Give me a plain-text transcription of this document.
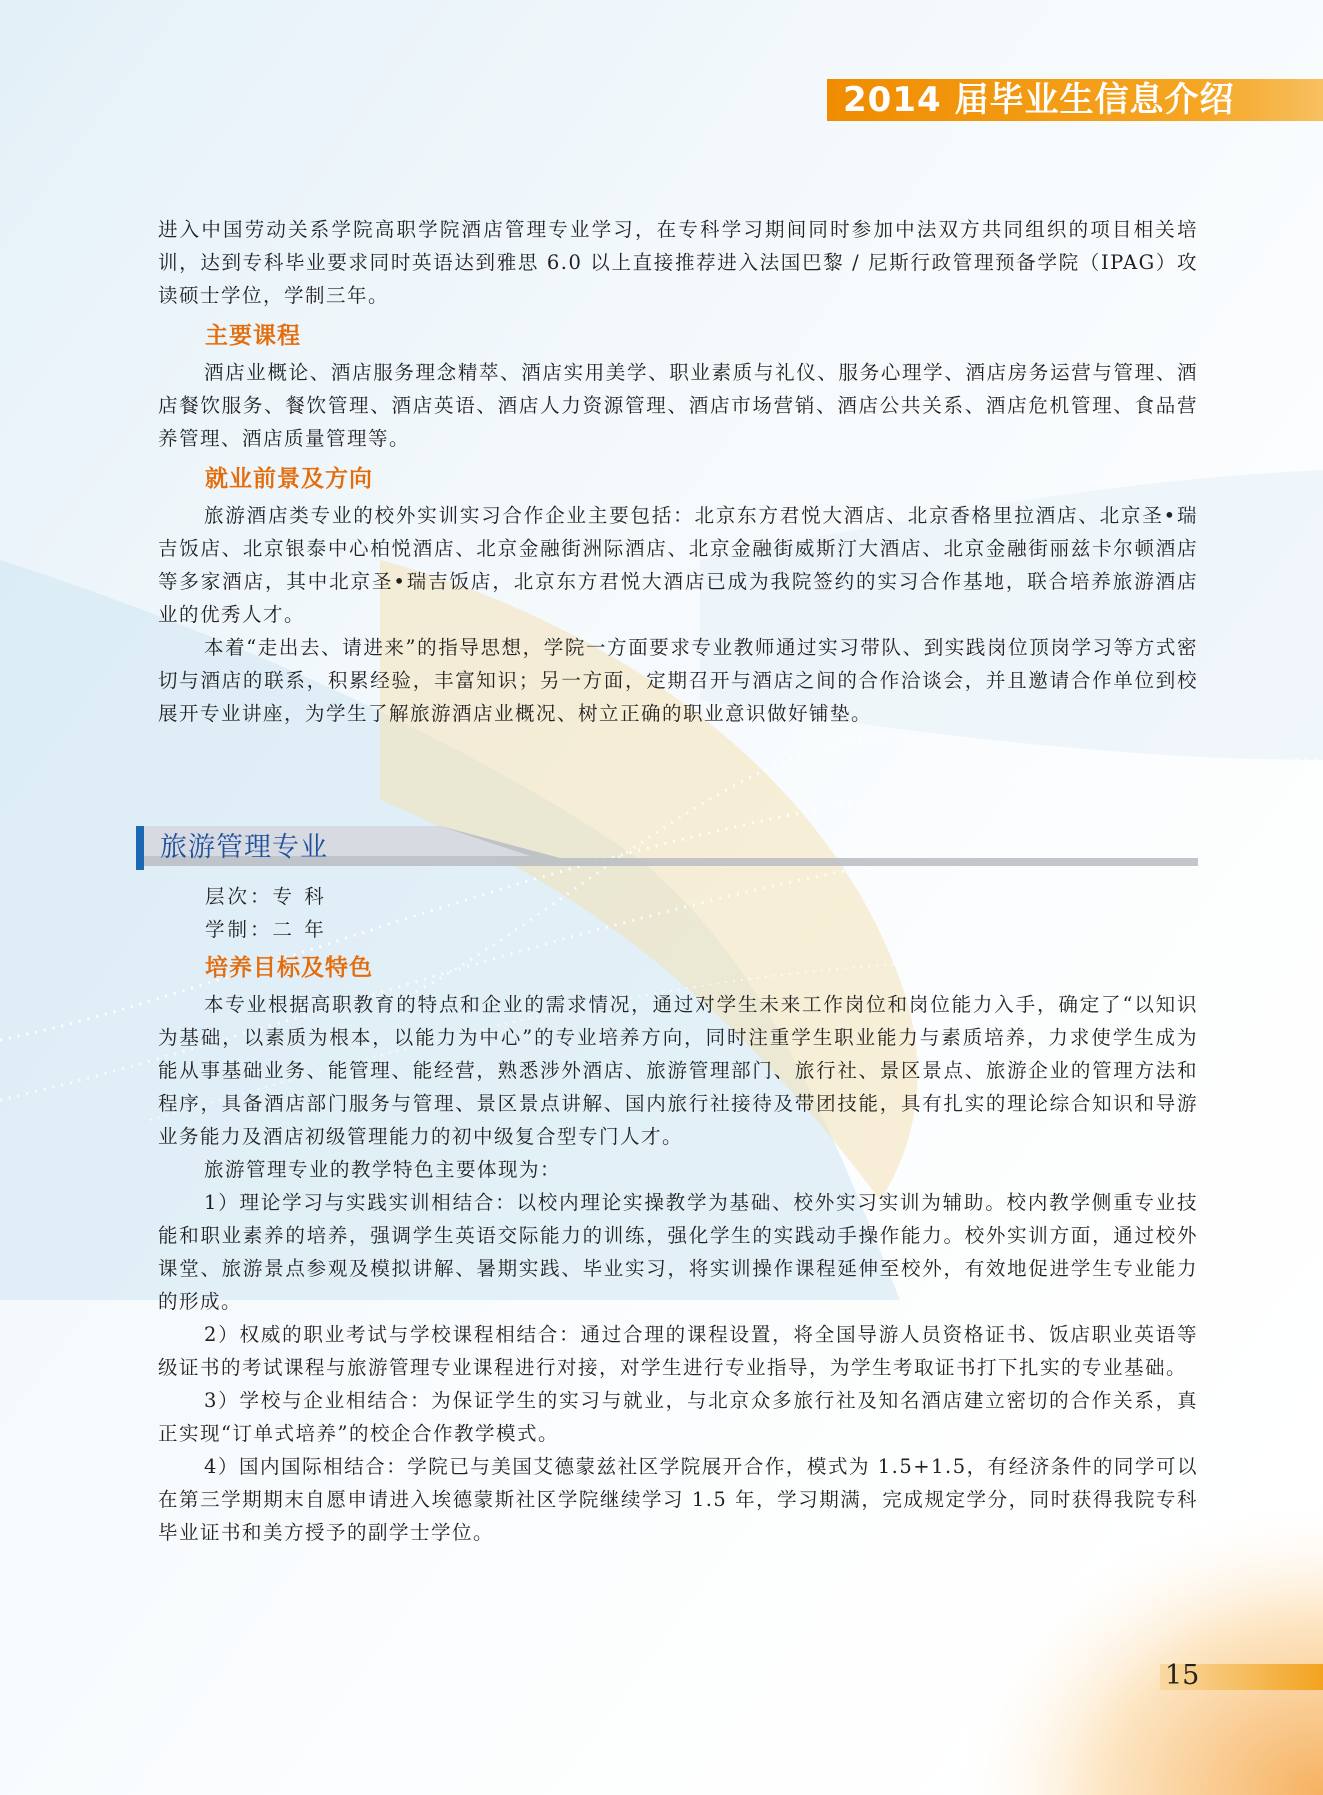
2014 届毕业生信息介绍

进入中国劳动关系学院高职学院酒店管理专业学习，在专科学习期间同时参加中法双方共同组织的项目相关培训，达到专科毕业要求同时英语达到雅思 6.0 以上直接推荐进入法国巴黎 / 尼斯行政管理预备学院（IPAG）攻读硕士学位，学制三年。

主要课程

酒店业概论、酒店服务理念精萃、酒店实用美学、职业素质与礼仪、服务心理学、酒店房务运营与管理、酒店餐饮服务、餐饮管理、酒店英语、酒店人力资源管理、酒店市场营销、酒店公共关系、酒店危机管理、食品营养管理、酒店质量管理等。

就业前景及方向

旅游酒店类专业的校外实训实习合作企业主要包括：北京东方君悦大酒店、北京香格里拉酒店、北京圣•瑞吉饭店、北京银泰中心柏悦酒店、北京金融街洲际酒店、北京金融街威斯汀大酒店、北京金融街丽兹卡尔顿酒店等多家酒店，其中北京圣•瑞吉饭店，北京东方君悦大酒店已成为我院签约的实习合作基地，联合培养旅游酒店业的优秀人才。

本着“走出去、请进来”的指导思想，学院一方面要求专业教师通过实习带队、到实践岗位顶岗学习等方式密切与酒店的联系，积累经验，丰富知识；另一方面，定期召开与酒店之间的合作洽谈会，并且邀请合作单位到校展开专业讲座，为学生了解旅游酒店业概况、树立正确的职业意识做好铺垫。

旅游管理专业

层次：专 科

学制：二 年

培养目标及特色

本专业根据高职教育的特点和企业的需求情况，通过对学生未来工作岗位和岗位能力入手，确定了“以知识为基础，以素质为根本，以能力为中心”的专业培养方向，同时注重学生职业能力与素质培养，力求使学生成为能从事基础业务、能管理、能经营，熟悉涉外酒店、旅游管理部门、旅行社、景区景点、旅游企业的管理方法和程序，具备酒店部门服务与管理、景区景点讲解、国内旅行社接待及带团技能，具有扎实的理论综合知识和导游业务能力及酒店初级管理能力的初中级复合型专门人才。

旅游管理专业的教学特色主要体现为：

1）理论学习与实践实训相结合：以校内理论实操教学为基础、校外实习实训为辅助。校内教学侧重专业技能和职业素养的培养，强调学生英语交际能力的训练，强化学生的实践动手操作能力。校外实训方面，通过校外课堂、旅游景点参观及模拟讲解、暑期实践、毕业实习，将实训操作课程延伸至校外，有效地促进学生专业能力的形成。

2）权威的职业考试与学校课程相结合：通过合理的课程设置，将全国导游人员资格证书、饭店职业英语等级证书的考试课程与旅游管理专业课程进行对接，对学生进行专业指导，为学生考取证书打下扎实的专业基础。

3）学校与企业相结合：为保证学生的实习与就业，与北京众多旅行社及知名酒店建立密切的合作关系，真正实现“订单式培养”的校企合作教学模式。

4）国内国际相结合：学院已与美国艾德蒙兹社区学院展开合作，模式为 1.5+1.5，有经济条件的同学可以在第三学期期末自愿申请进入埃德蒙斯社区学院继续学习 1.5 年，学习期满，完成规定学分，同时获得我院专科毕业证书和美方授予的副学士学位。

15
